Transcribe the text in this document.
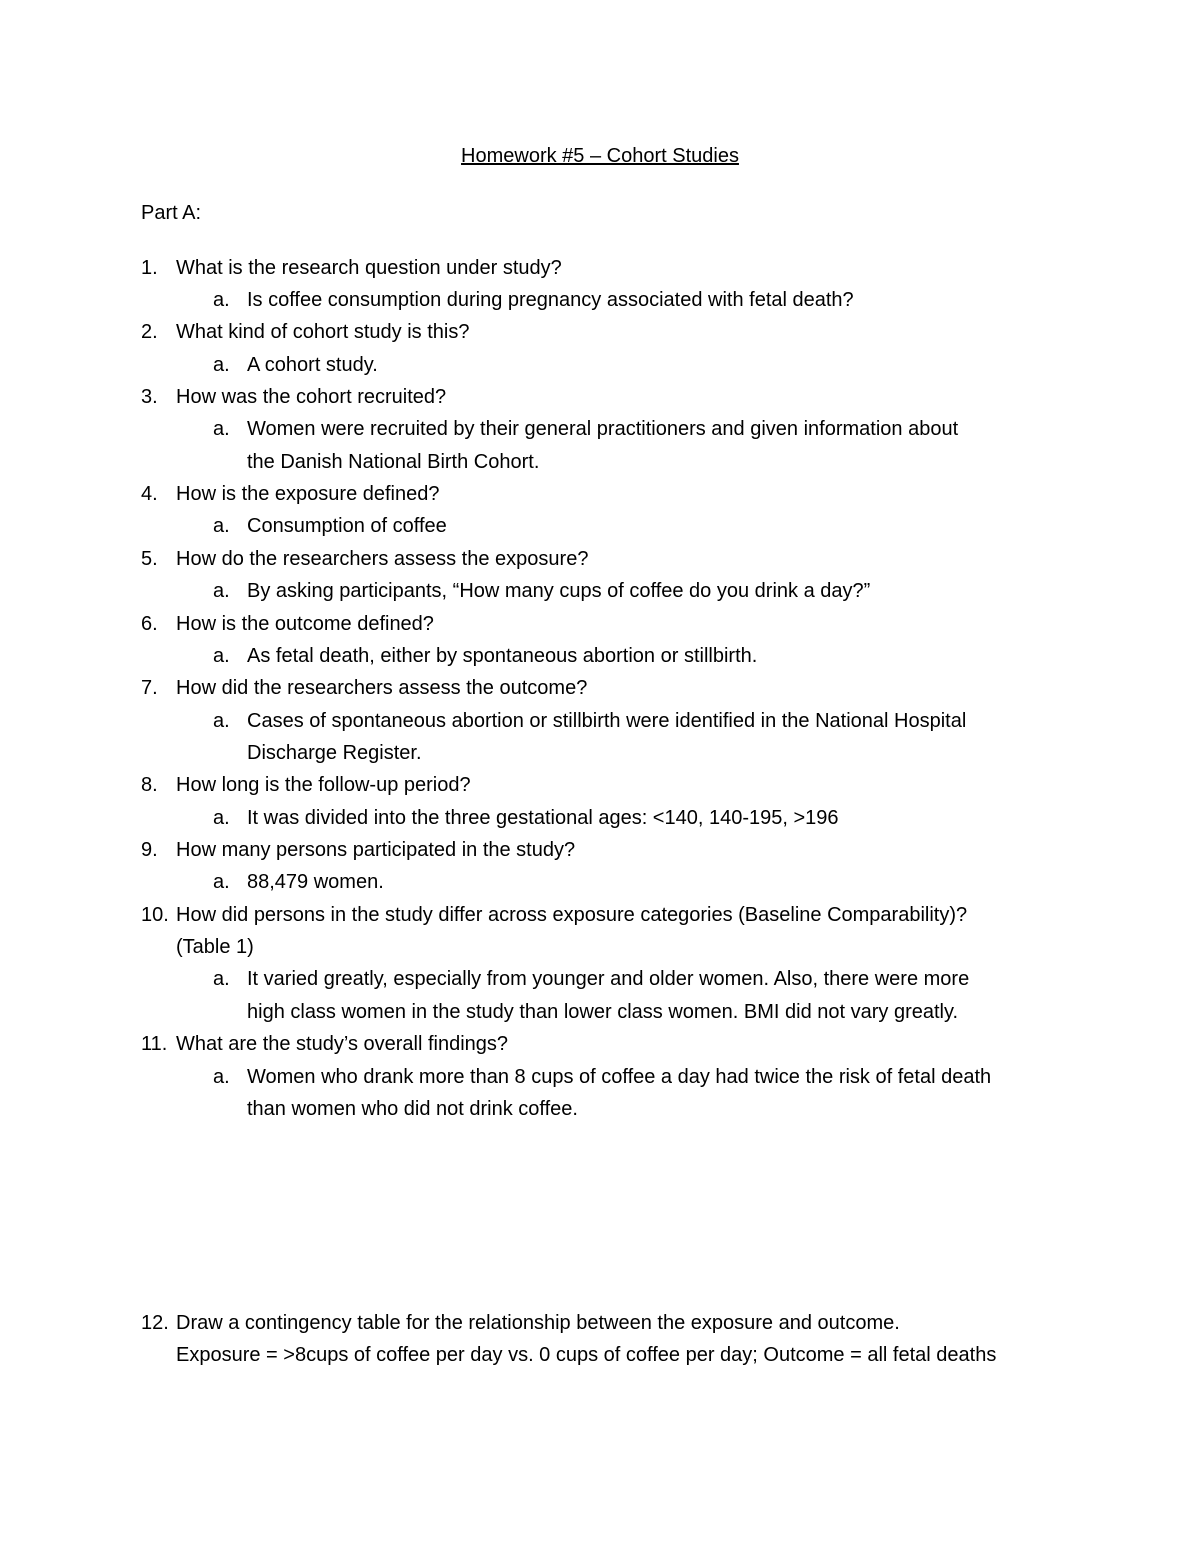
Homework #5 – Cohort Studies
Part A:
1. What is the research question under study?
a. Is coffee consumption during pregnancy associated with fetal death?
2. What kind of cohort study is this?
a. A cohort study.
3. How was the cohort recruited?
a. Women were recruited by their general practitioners and given information about
the Danish National Birth Cohort.
4. How is the exposure defined?
a. Consumption of coffee
5. How do the researchers assess the exposure?
a. By asking participants, “How many cups of coffee do you drink a day?”
6. How is the outcome defined?
a. As fetal death, either by spontaneous abortion or stillbirth.
7. How did the researchers assess the outcome?
a. Cases of spontaneous abortion or stillbirth were identified in the National Hospital
Discharge Register.
8. How long is the follow-up period?
a. It was divided into the three gestational ages: <140, 140-195, >196
9. How many persons participated in the study?
a. 88,479 women.
10. How did persons in the study differ across exposure categories (Baseline Comparability)?
(Table 1)
a. It varied greatly, especially from younger and older women. Also, there were more
high class women in the study than lower class women. BMI did not vary greatly.
11. What are the study’s overall findings?
a. Women who drank more than 8 cups of coffee a day had twice the risk of fetal death
than women who did not drink coffee.
12. Draw a contingency table for the relationship between the exposure and outcome.
Exposure = >8cups of coffee per day vs. 0 cups of coffee per day; Outcome = all fetal deaths
